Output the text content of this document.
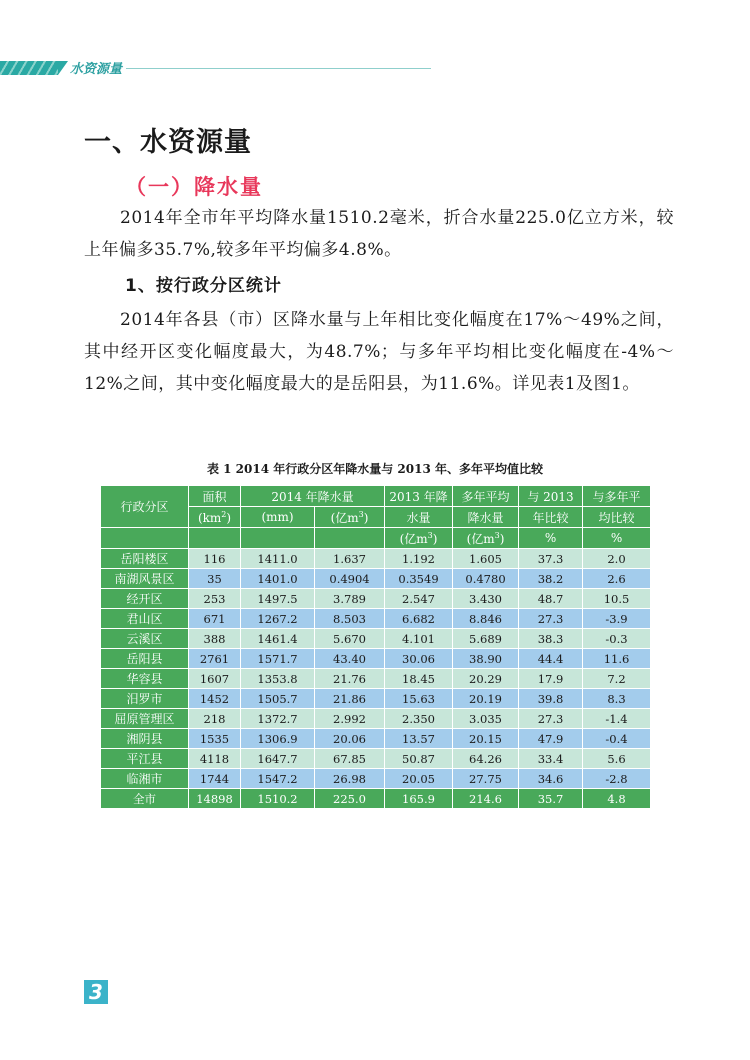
水资源量
一、水资源量
（一）降水量
2014年全市年平均降水量1510.2毫米，折合水量225.0亿立方米，较上年偏多35.7%,较多年平均偏多4.8%。
1、按行政分区统计
2014年各县（市）区降水量与上年相比变化幅度在17%～49%之间，其中经开区变化幅度最大，为48.7%；与多年平均相比变化幅度在-4%～12%之间，其中变化幅度最大的是岳阳县，为11.6%。详见表1及图1。
表 1 2014 年行政分区年降水量与 2013 年、多年平均值比较
行政分区	面积	2014 年降水量		2013 年降	多年平均	与 2013	与多年平
	$(km^2)$	(mm)	(亿$m^3$)	水量	降水量	年比较	均比较
				(亿$m^3$)	(亿$m^3$)	%	%
岳阳楼区	116	1411.0	1.637	1.192	1.605	37.3	2.0
南湖风景区	35	1401.0	0.4904	0.3549	0.4780	38.2	2.6
经开区	253	1497.5	3.789	2.547	3.430	48.7	10.5
君山区	671	1267.2	8.503	6.682	8.846	27.3	-3.9
云溪区	388	1461.4	5.670	4.101	5.689	38.3	-0.3
岳阳县	2761	1571.7	43.40	30.06	38.90	44.4	11.6
华容县	1607	1353.8	21.76	18.45	20.29	17.9	7.2
汨罗市	1452	1505.7	21.86	15.63	20.19	39.8	8.3
屈原管理区	218	1372.7	2.992	2.350	3.035	27.3	-1.4
湘阴县	1535	1306.9	20.06	13.57	20.15	47.9	-0.4
平江县	4118	1647.7	67.85	50.87	64.26	33.4	5.6
临湘市	1744	1547.2	26.98	20.05	27.75	34.6	-2.8
全市	14898	1510.2	225.0	165.9	214.6	35.7	4.8
3
